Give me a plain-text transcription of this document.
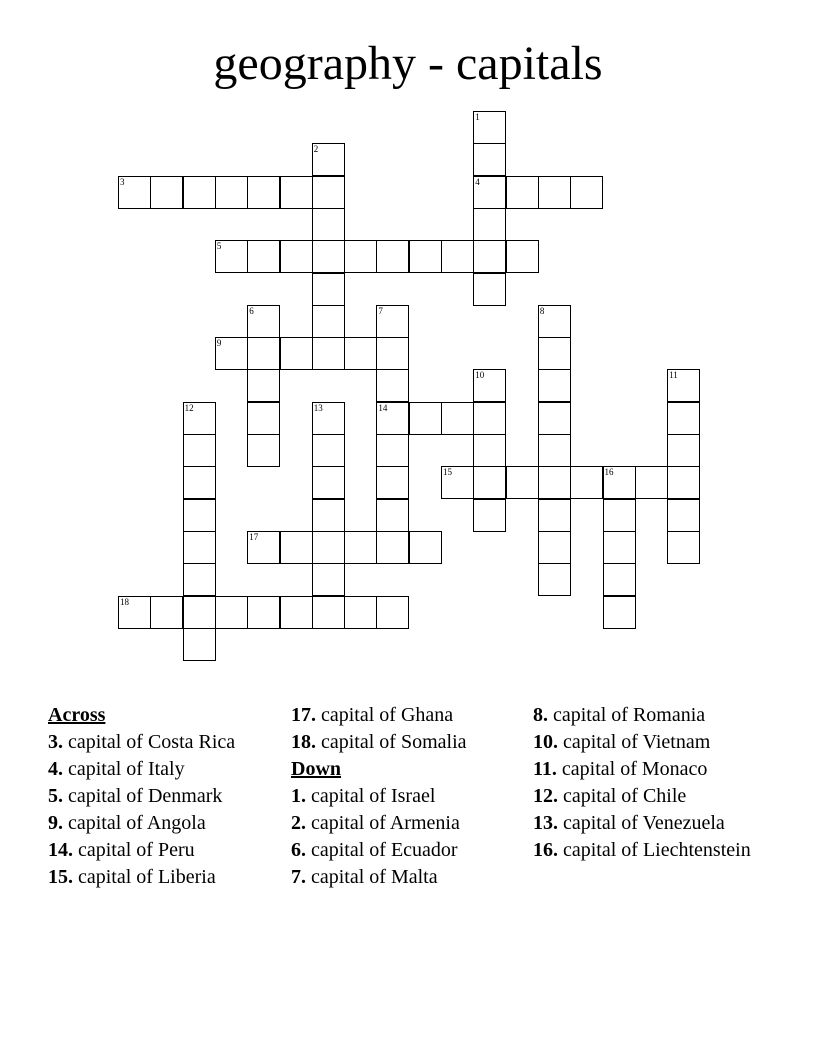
geography - capitals
3	4
5
9
14
15	16
17
18
1
2
6	7	8
10	11
12	13
Across
3. capital of Costa Rica
4. capital of Italy
5. capital of Denmark
9. capital of Angola
14. capital of Peru
15. capital of Liberia
17. capital of Ghana
18. capital of Somalia
Down
1. capital of Israel
2. capital of Armenia
6. capital of Ecuador
7. capital of Malta
8. capital of Romania
10. capital of Vietnam
11. capital of Monaco
12. capital of Chile
13. capital of Venezuela
16. capital of Liechtenstein
